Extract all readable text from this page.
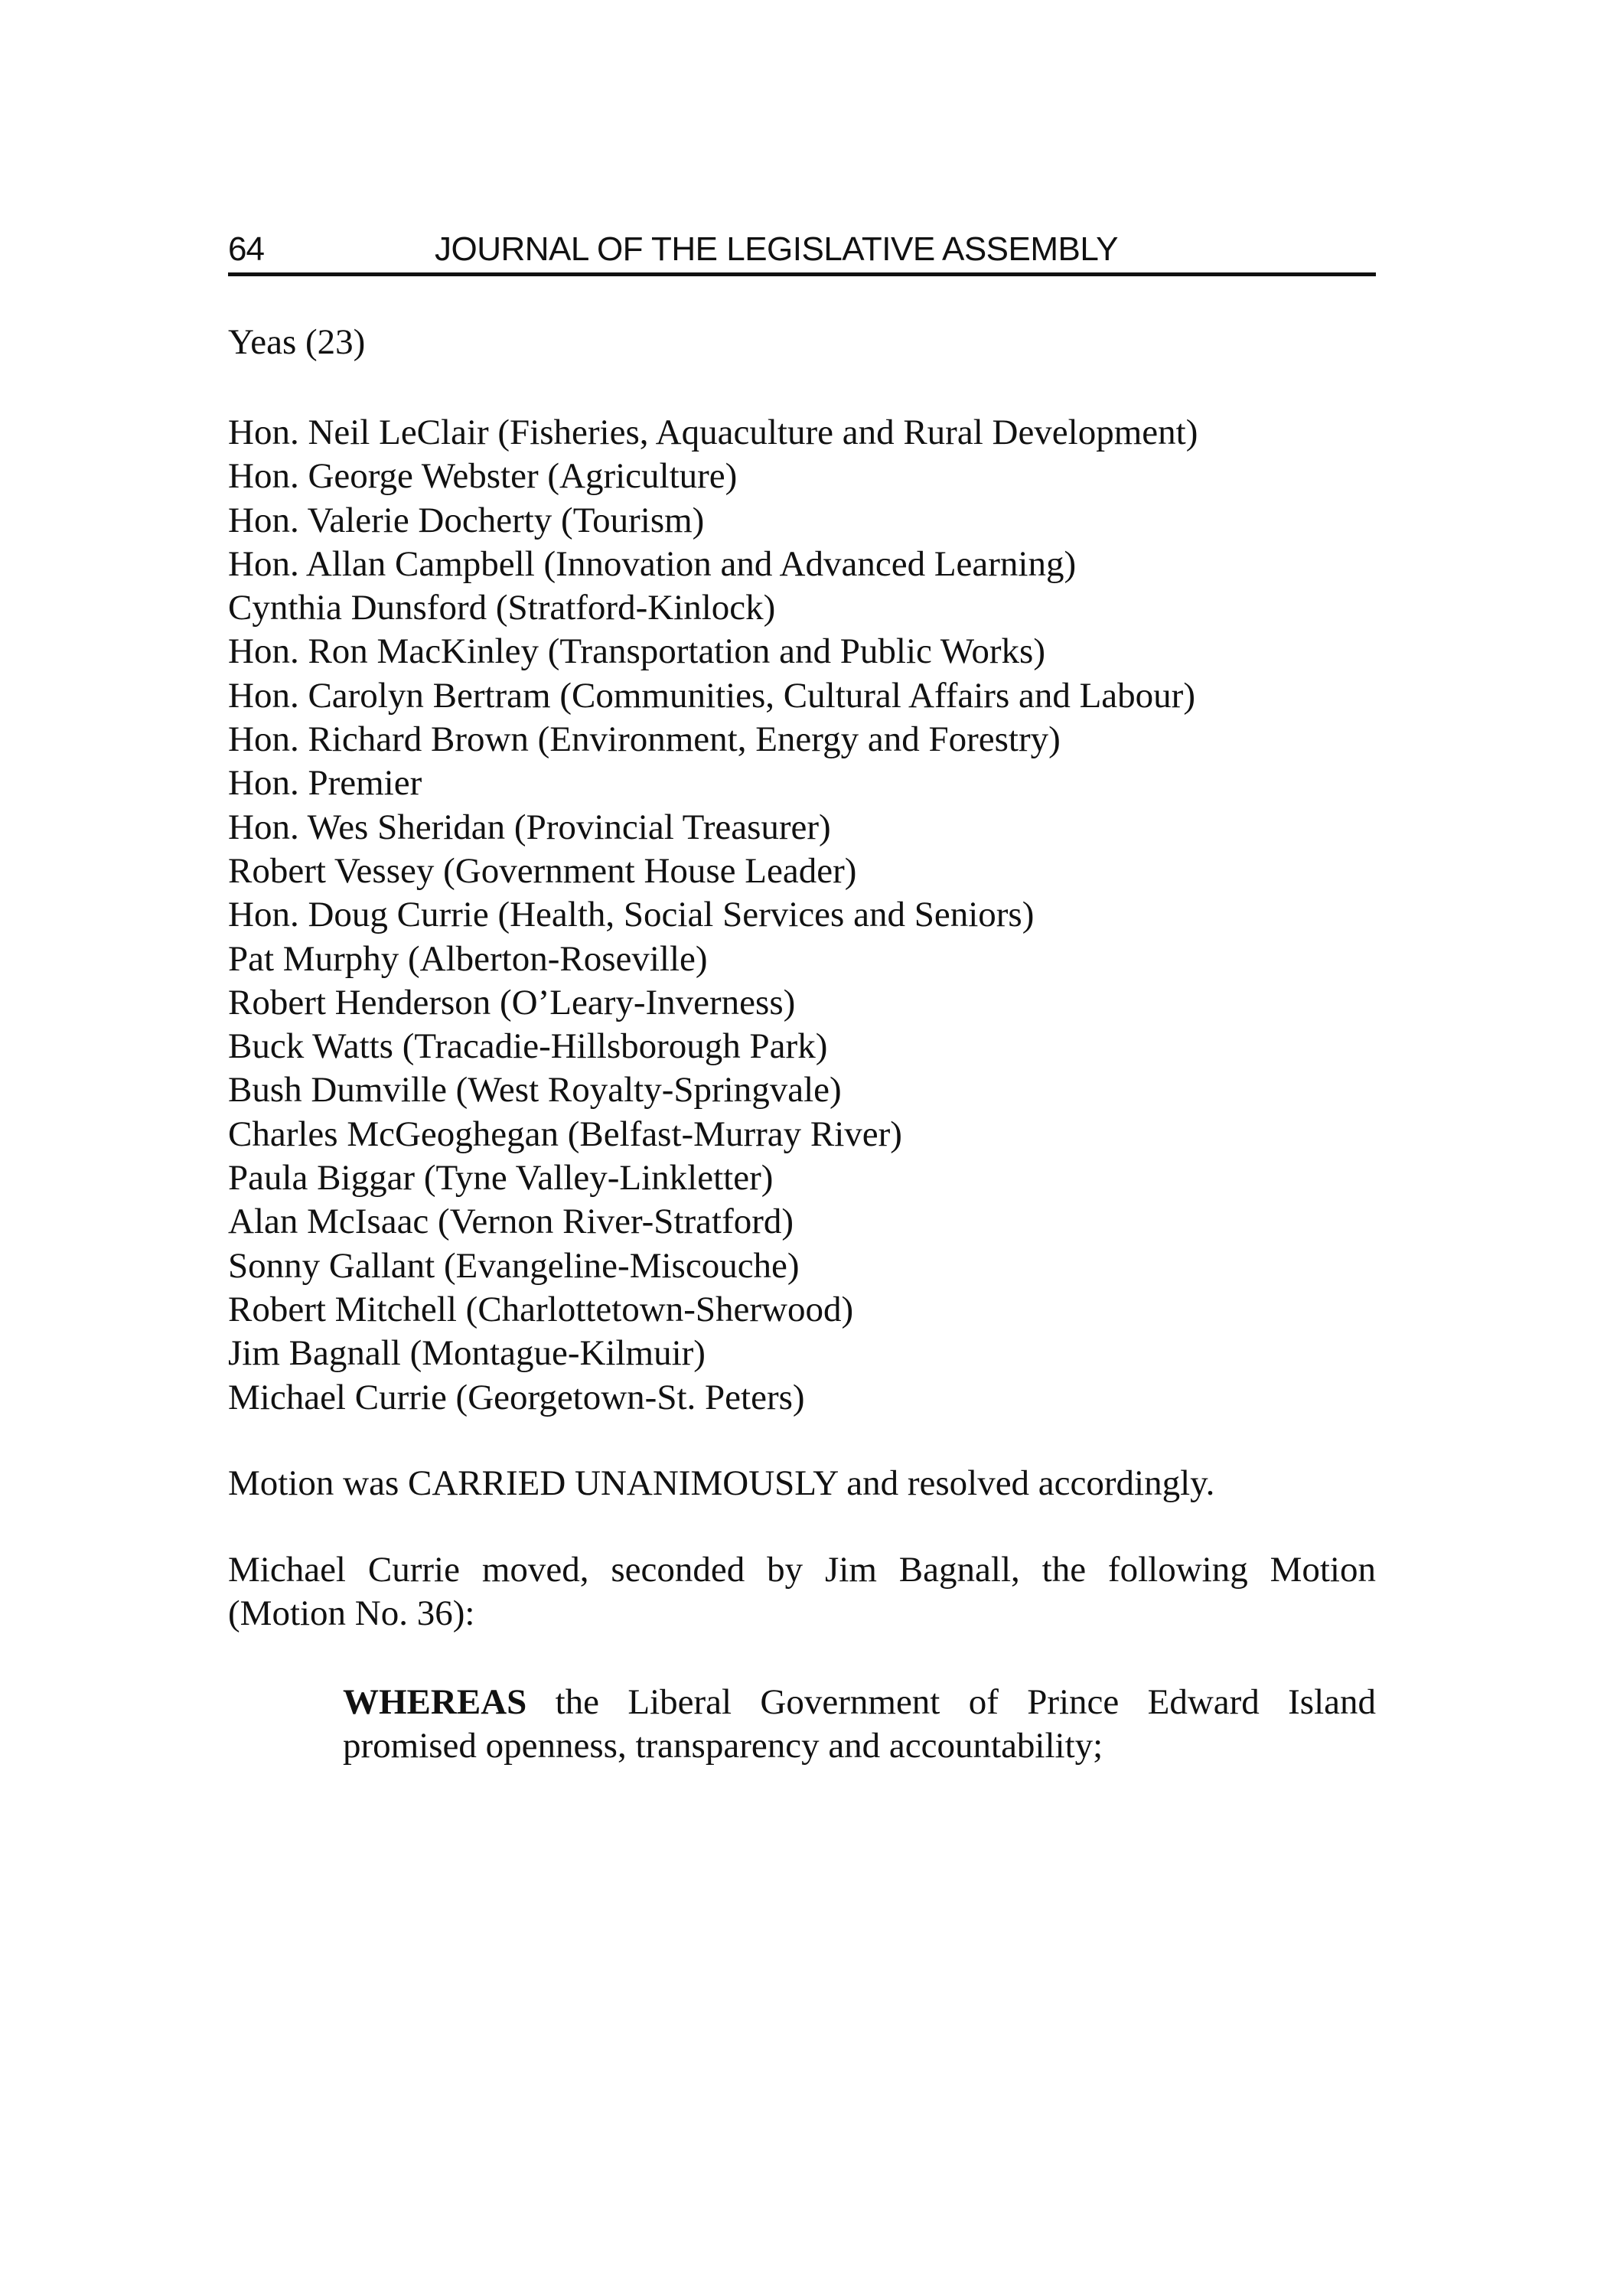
64	JOURNAL OF THE LEGISLATIVE ASSEMBLY
Yeas (23)
Hon. Neil LeClair (Fisheries, Aquaculture and Rural Development)
Hon. George Webster (Agriculture)
Hon. Valerie Docherty (Tourism)
Hon. Allan Campbell (Innovation and Advanced Learning)
Cynthia Dunsford (Stratford-Kinlock)
Hon. Ron MacKinley (Transportation and Public Works)
Hon. Carolyn Bertram (Communities, Cultural Affairs and Labour)
Hon. Richard Brown (Environment, Energy and Forestry)
Hon. Premier
Hon. Wes Sheridan (Provincial Treasurer)
Robert Vessey (Government House Leader)
Hon. Doug Currie (Health, Social Services and Seniors)
Pat Murphy (Alberton-Roseville)
Robert Henderson (O’Leary-Inverness)
Buck Watts (Tracadie-Hillsborough Park)
Bush Dumville (West Royalty-Springvale)
Charles McGeoghegan (Belfast-Murray River)
Paula Biggar (Tyne Valley-Linkletter)
Alan McIsaac (Vernon River-Stratford)
Sonny Gallant (Evangeline-Miscouche)
Robert Mitchell (Charlottetown-Sherwood)
Jim Bagnall (Montague-Kilmuir)
Michael Currie (Georgetown-St. Peters)

Motion was CARRIED UNANIMOUSLY and resolved accordingly.

Michael Currie moved, seconded by Jim Bagnall, the following Motion (Motion No. 36):

WHEREAS the Liberal Government of Prince Edward Island promised openness, transparency and accountability;
